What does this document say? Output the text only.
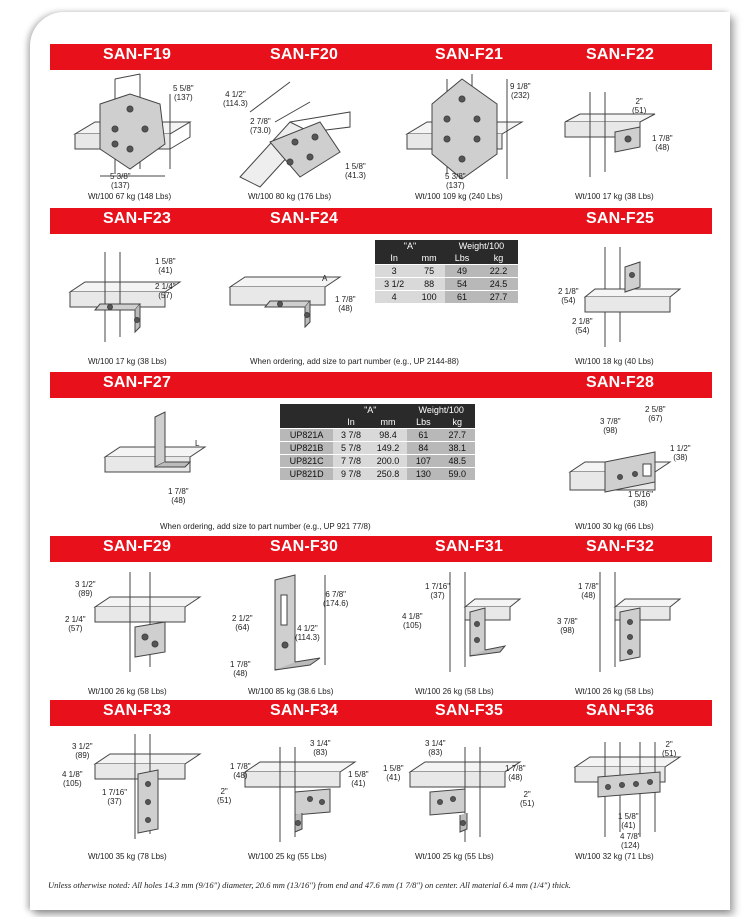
SAN-F19	SAN-F20	SAN-F21	SAN-F22
5 5/8"
(137)
5 3/8"
(137)
Wt/100 67 kg (148 Lbs)
4 1/2"
(114.3)
2 7/8"
(73.0)
1 5/8"
(41.3)
Wt/100 80 kg (176 Lbs)
9 1/8"
(232)
5 3/8"
(137)
Wt/100 109 kg (240 Lbs)
2"
(51)
1 7/8"
(48)
Wt/100 17 kg (38 Lbs)
SAN-F23	SAN-F24	SAN-F25
1 5/8"
(41)
2 1/4"
(57)
Wt/100 17 kg (38 Lbs)
A
1 7/8"
(48)
When ordering, add size to part number (e.g., UP 2144-88)
"A"		Weight/100	
In	mm	Lbs	kg
3	75	49	22.2
3 1/2	88	54	24.5
4	100	61	27.7
2 1/8"
(54)
2 1/8"
(54)
Wt/100 18 kg (40 Lbs)
SAN-F27	SAN-F28
L
1 7/8"
(48)
When ordering, add size to part number (e.g., UP 921 77/8)
	"A"		Weight/100	
	In	mm	Lbs	kg
UP821A	3 7/8	98.4	61	27.7
UP821B	5 7/8	149.2	84	38.1
UP821C	7 7/8	200.0	107	48.5
UP821D	9 7/8	250.8	130	59.0
3 7/8"
(98)
2 5/8"
(67)
1 1/2"
(38)
1 5/16"
(38)
Wt/100 30 kg (66 Lbs)
SAN-F29	SAN-F30	SAN-F31	SAN-F32
3 1/2"
(89)
2 1/4"
(57)
Wt/100 26 kg (58 Lbs)
6 7/8"
(174.6)
2 1/2"
(64)	4 1/2"
(114.3)
1 7/8"
(48)
Wt/100 85 kg (38.6 Lbs)
1 7/16"
(37)
4 1/8"
(105)
Wt/100 26 kg (58 Lbs)
1 7/8"
(48)
3 7/8"
(98)
Wt/100 26 kg (58 Lbs)
SAN-F33	SAN-F34	SAN-F35	SAN-F36
3 1/2"
(89)
4 1/8"
(105)
1 7/16"
(37)
Wt/100 35 kg (78 Lbs)
3 1/4"
(83)
1 7/8"
(48)	1 5/8"
(41)
2"
(51)
Wt/100 25 kg (55 Lbs)
3 1/4"
(83)
1 5/8"
(41)
1 7/8"
(48)
2"
(51)
Wt/100 25 kg (55 Lbs)
2"
(51)
1 5/8"
(41)
4 7/8"
(124)
Wt/100 32 kg (71 Lbs)
Unless otherwise noted: All holes 14.3 mm (9/16") diameter, 20.6 mm (13/16") from end and 47.6 mm (1 7/8") on center. All material 6.4 mm (1/4") thick.
